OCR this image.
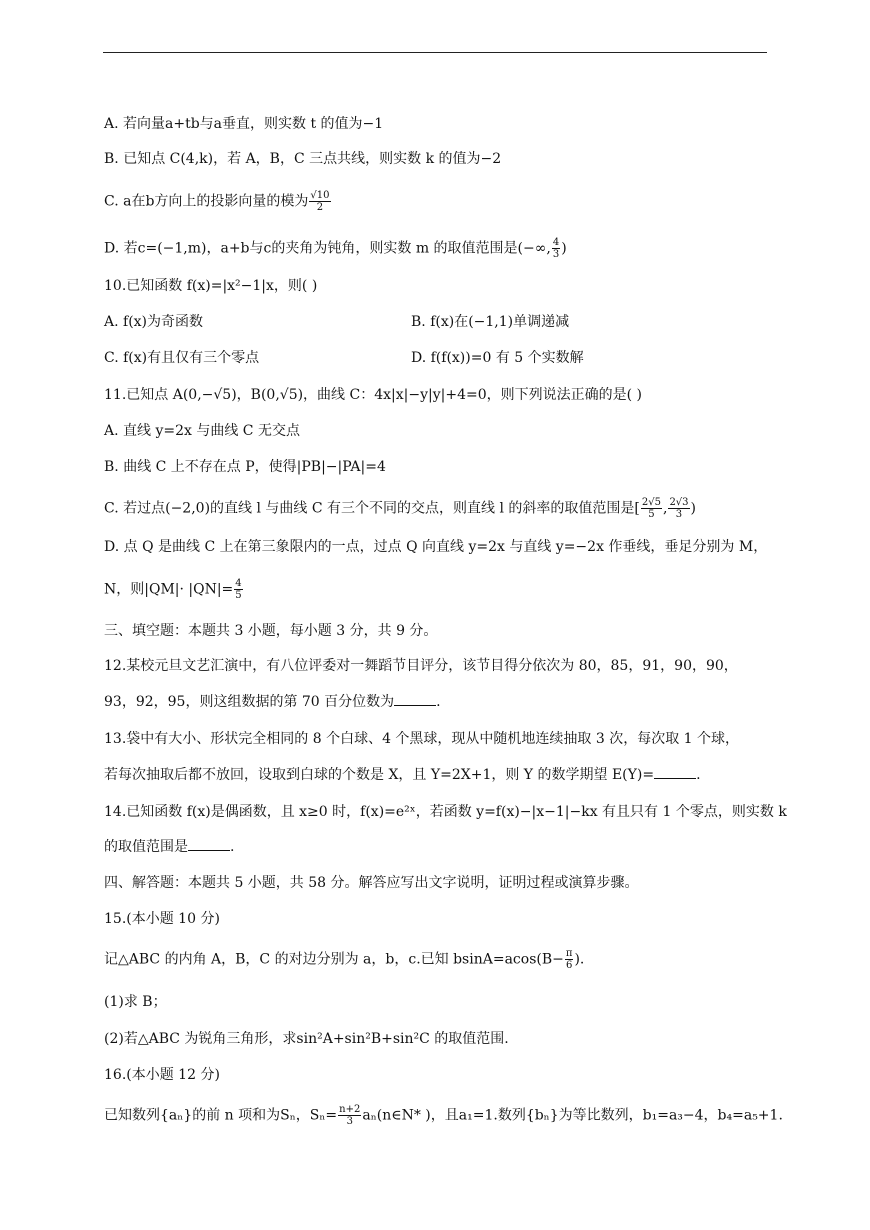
A. 若向量a+tb与a垂直，则实数 t 的值为−1
B. 已知点 C(4,k)，若 A，B，C 三点共线，则实数 k 的值为−2
C. a在b方向上的投影向量的模为 $\frac{√10}{2}$
D. 若c=(−1,m)，a+b与c的夹角为钝角，则实数 m 的取值范围是(−∞, $\frac{4}{3}$ )
10.已知函数 f(x)=|x²−1|x，则( )
A. f(x)为奇函数	B. f(x)在(−1,1)单调递减
C. f(x)有且仅有三个零点	D. f(f(x))=0 有 5 个实数解
11.已知点 A(0,−√5)，B(0,√5)，曲线 C：4x|x|−y|y|+4=0，则下列说法正确的是( )
A. 直线 y=2x 与曲线 C 无交点
B. 曲线 C 上不存在点 P，使得|PB|−|PA|=4
C. 若过点(−2,0)的直线 l 与曲线 C 有三个不同的交点，则直线 l 的斜率的取值范围是[ $\frac{2√5}{5}$ , $\frac{2√3}{3}$ )
D. 点 Q 是曲线 C 上在第三象限内的一点，过点 Q 向直线 y=2x 与直线 y=−2x 作垂线，垂足分别为 M，
N，则$|QM|\cdot |QN|= \frac{4}{5}$
三、填空题：本题共 3 小题，每小题 3 分，共 9 分。
12.某校元旦文艺汇演中，有八位评委对一舞蹈节目评分，该节目得分依次为 80，85，91，90，90，
93，92，95，则这组数据的第 70 百分位数为	.
13.袋中有大小、形状完全相同的 8 个白球、4 个黑球，现从中随机地连续抽取 3 次，每次取 1 个球，
若每次抽取后都不放回，设取到白球的个数是 X，且 Y=2X+1，则 Y 的数学期望 E(Y)=	.
14.已知函数 f(x)是偶函数，且 x≥0 时，f(x)=e²ˣ，若函数 y=f(x)−|x−1|−kx 有且只有 1 个零点，则实数 k
的取值范围是	.
四、解答题：本题共 5 小题，共 58 分。解答应写出文字说明，证明过程或演算步骤。
15.(本小题 10 分)
记△ABC 的内角 A，B，C 的对边分别为 a，b，c.已知 $bsinA=acos(B- \frac{\pi}{6}$ ).
(1)求 B；
(2)若△ABC 为锐角三角形，求sin²A+sin²B+sin²C 的取值范围.
16.(本小题 12 分)
已知数列{aₙ}的前 n 项和为Sₙ，$S_n= \frac{n+2}{3}$ aₙ(n∈N* )，且a₁=1.数列{bₙ}为等比数列，b₁=a₃−4，b₄=a₅+1.
